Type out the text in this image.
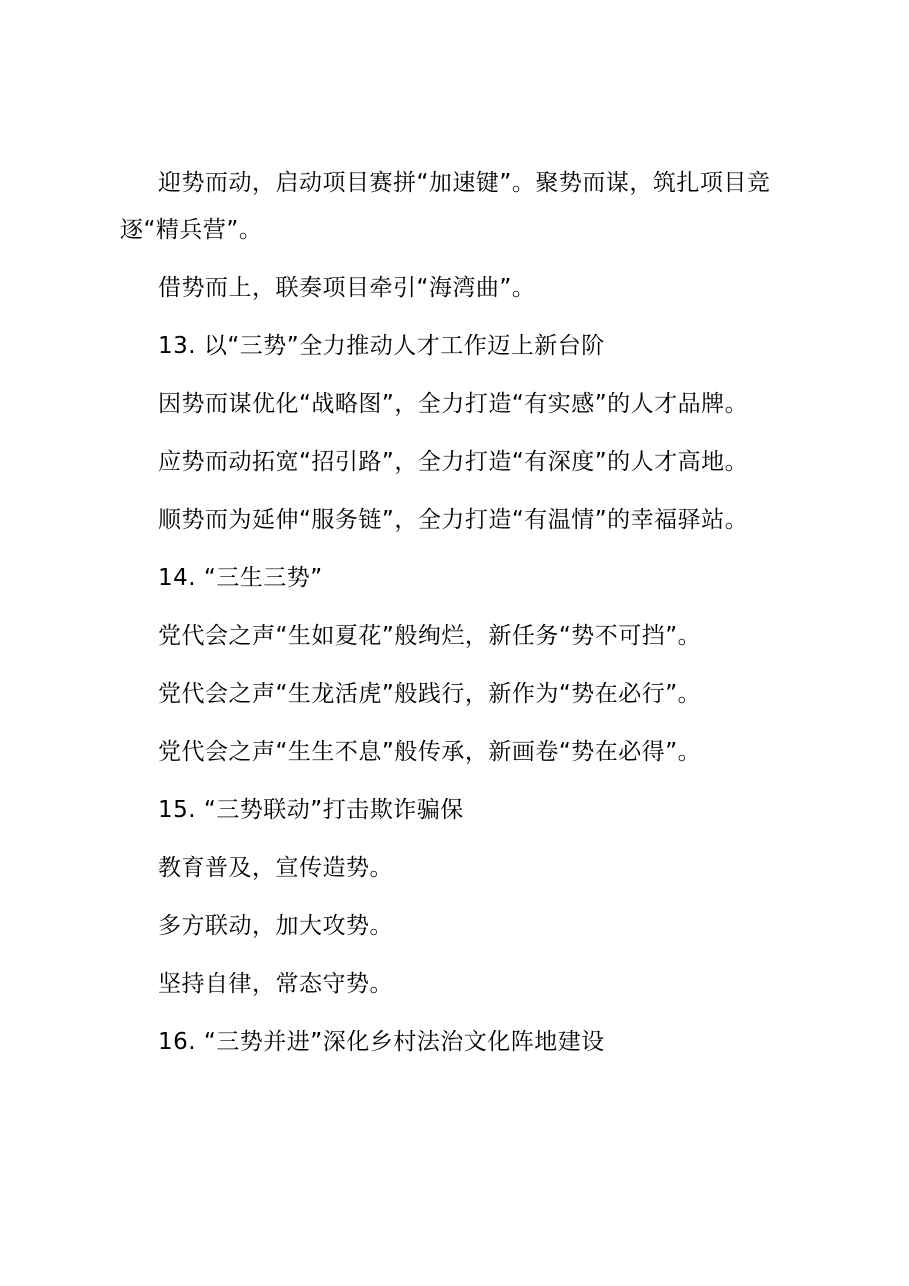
迎势而动，启动项目赛拼“加速键”。聚势而谋，筑扎项目竞逐“精兵营”。

借势而上，联奏项目牵引“海湾曲”。

13. 以“三势”全力推动人才工作迈上新台阶

因势而谋优化“战略图”，全力打造“有实感”的人才品牌。

应势而动拓宽“招引路”，全力打造“有深度”的人才高地。

顺势而为延伸“服务链”，全力打造“有温情”的幸福驿站。

14. “三生三势”

党代会之声“生如夏花”般绚烂，新任务“势不可挡”。

党代会之声“生龙活虎”般践行，新作为“势在必行”。

党代会之声“生生不息”般传承，新画卷“势在必得”。

15. “三势联动”打击欺诈骗保

教育普及，宣传造势。

多方联动，加大攻势。

坚持自律，常态守势。

16. “三势并进”深化乡村法治文化阵地建设
